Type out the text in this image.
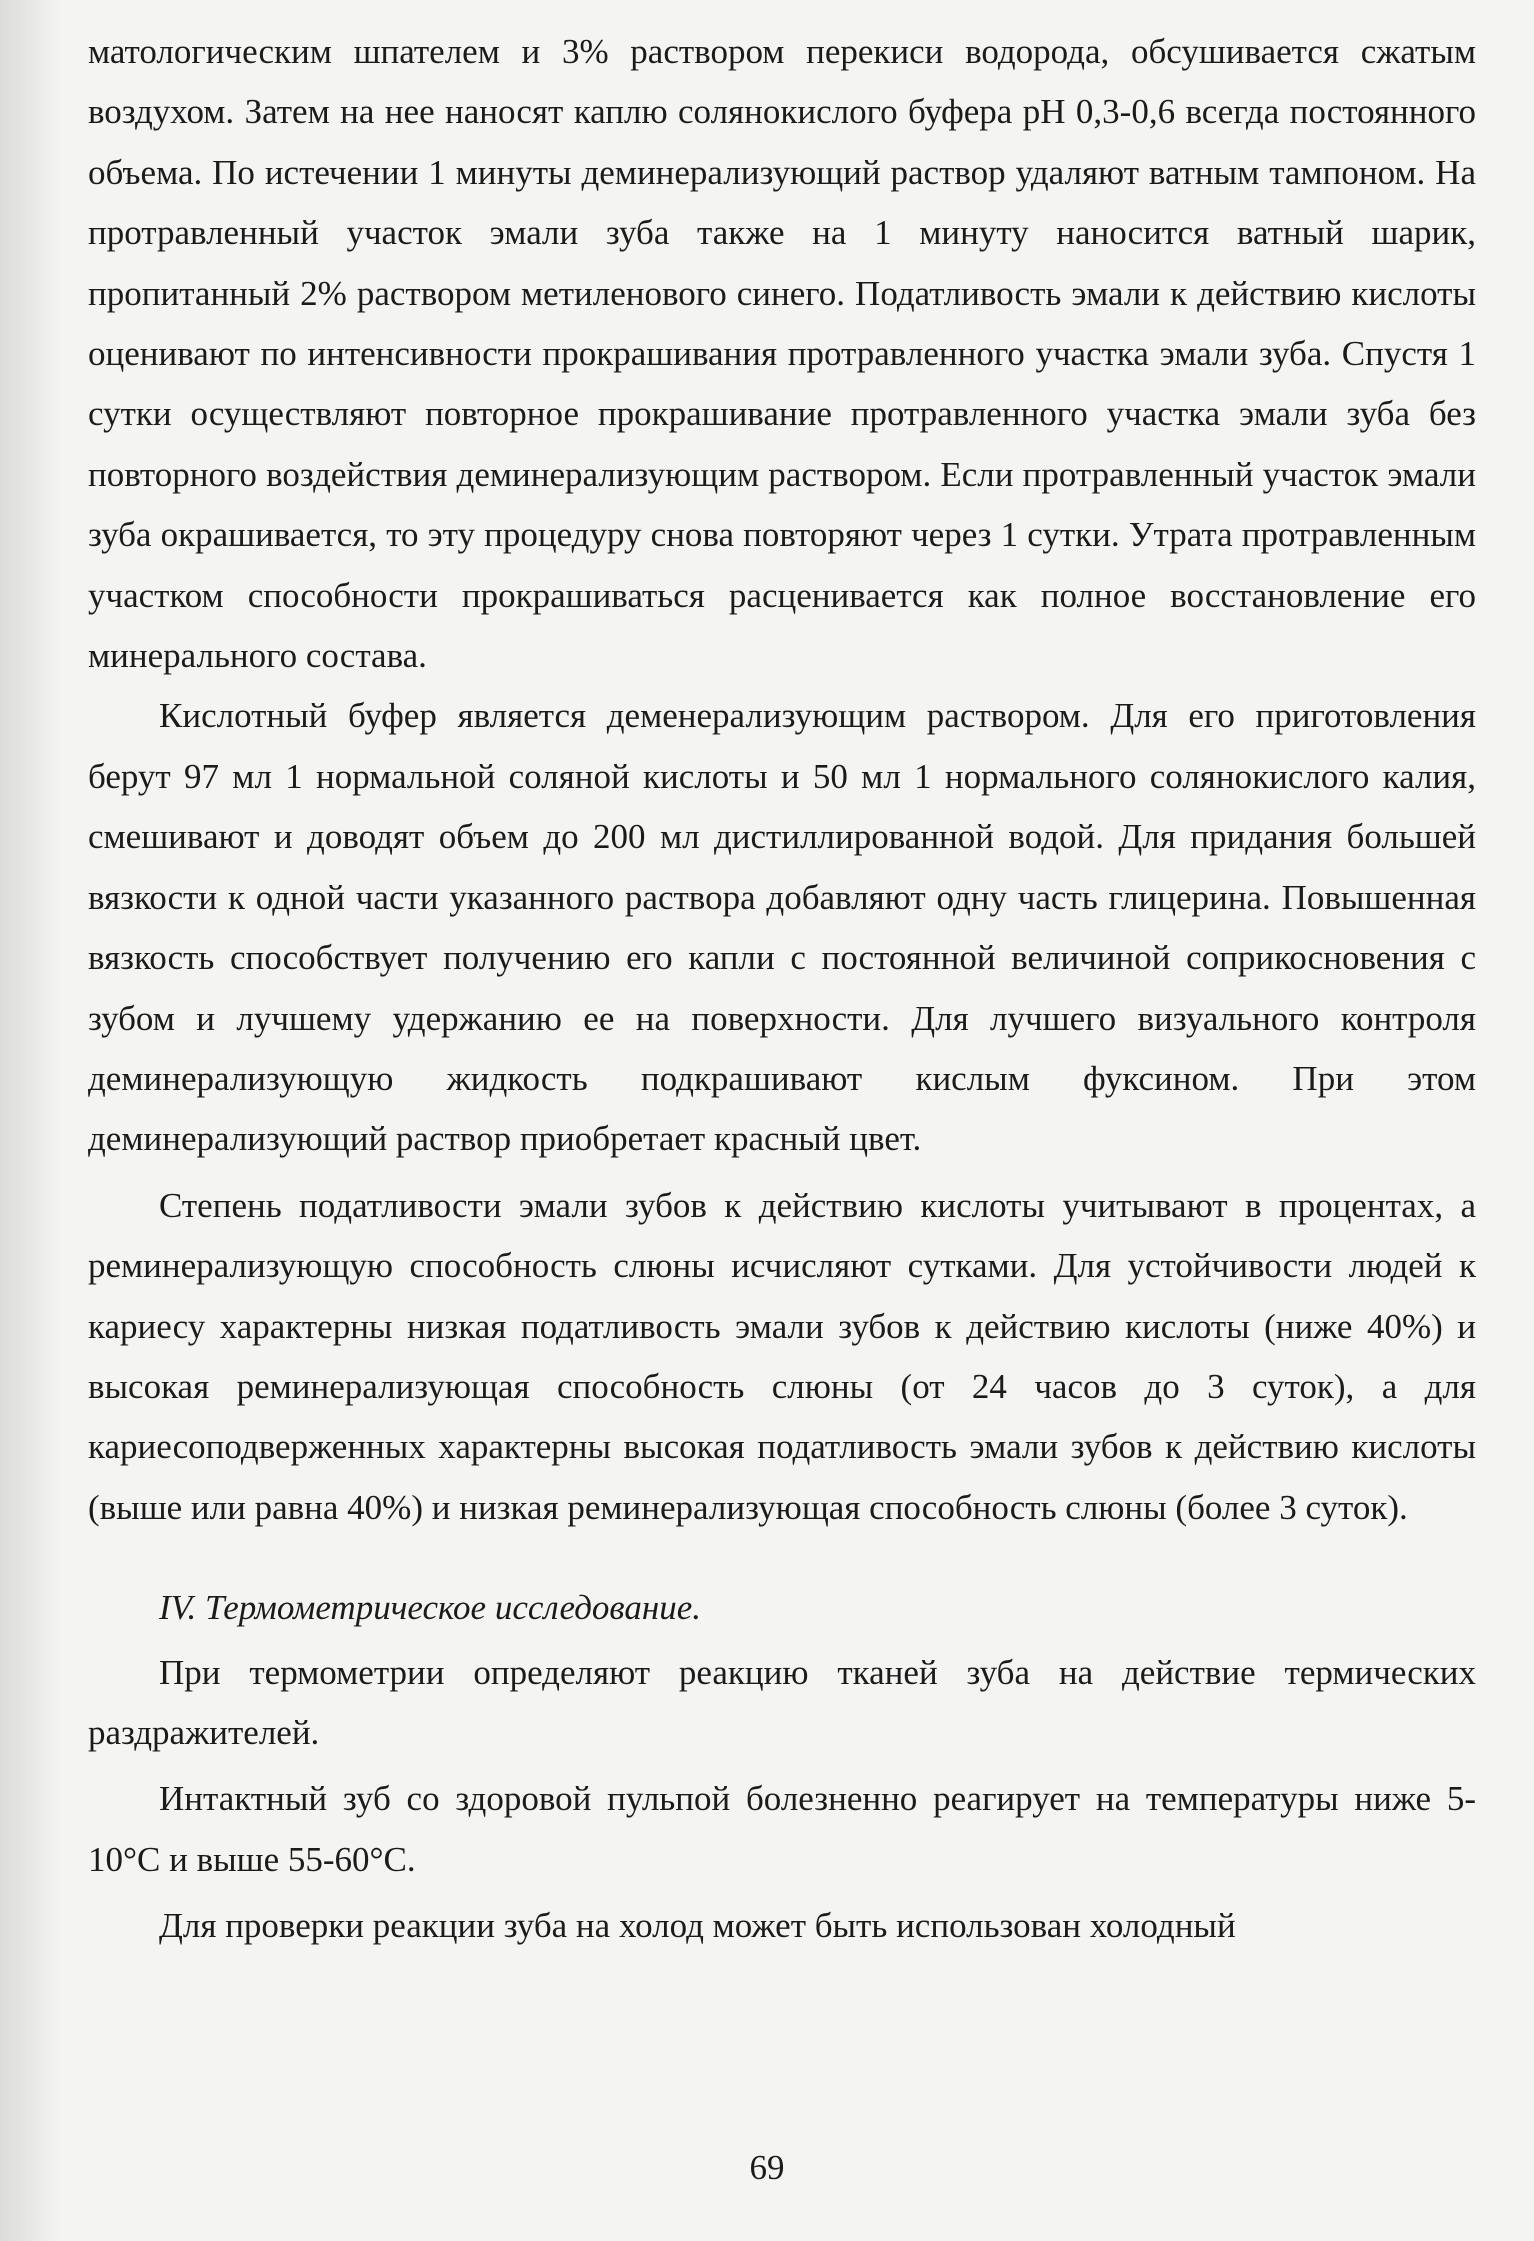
матологическим шпателем и 3% раствором перекиси водорода, обсушивается сжатым воздухом. Затем на нее наносят каплю солянокислого буфера рН 0,3-0,6 всегда постоянного объема. По истечении 1 минуты деминерализующий раствор удаляют ватным тампоном. На протравленный участок эмали зуба также на 1 минуту наносится ватный шарик, пропитанный 2% раствором метиленового синего. Податливость эмали к действию кислоты оценивают по интенсивности прокрашивания протравленного участка эмали зуба. Спустя 1 сутки осуществляют повторное прокрашивание протравленного участка эмали зуба без повторного воздействия деминерализующим раствором. Если протравленный участок эмали зуба окрашивается, то эту процедуру снова повторяют через 1 сутки. Утрата протравленным участком способности прокрашиваться расценивается как полное восстановление его минерального состава.

Кислотный буфер является деменерализующим раствором. Для его приготовления берут 97 мл 1 нормальной соляной кислоты и 50 мл 1 нормального солянокислого калия, смешивают и доводят объем до 200 мл дистиллированной водой. Для придания большей вязкости к одной части указанного раствора добавляют одну часть глицерина. Повышенная вязкость способствует получению его капли с постоянной величиной соприкосновения с зубом и лучшему удержанию ее на поверхности. Для лучшего визуального контроля деминерализующую жидкость подкрашивают кислым фуксином. При этом деминерализующий раствор приобретает красный цвет.

Степень податливости эмали зубов к действию кислоты учитывают в процентах, а реминерализующую способность слюны исчисляют сутками. Для устойчивости людей к кариесу характерны низкая податливость эмали зубов к действию кислоты (ниже 40%) и высокая реминерализующая способность слюны (от 24 часов до 3 суток), а для кариесоподверженных характерны высокая податливость эмали зубов к действию кислоты (выше или равна 40%) и низкая реминерализующая способность слюны (более 3 суток).

IV. Термометрическое исследование.

При термометрии определяют реакцию тканей зуба на действие термических раздражителей.

Интактный зуб со здоровой пульпой болезненно реагирует на температуры ниже 5-10°С и выше 55-60°С.

Для проверки реакции зуба на холод может быть использован холодный

69
